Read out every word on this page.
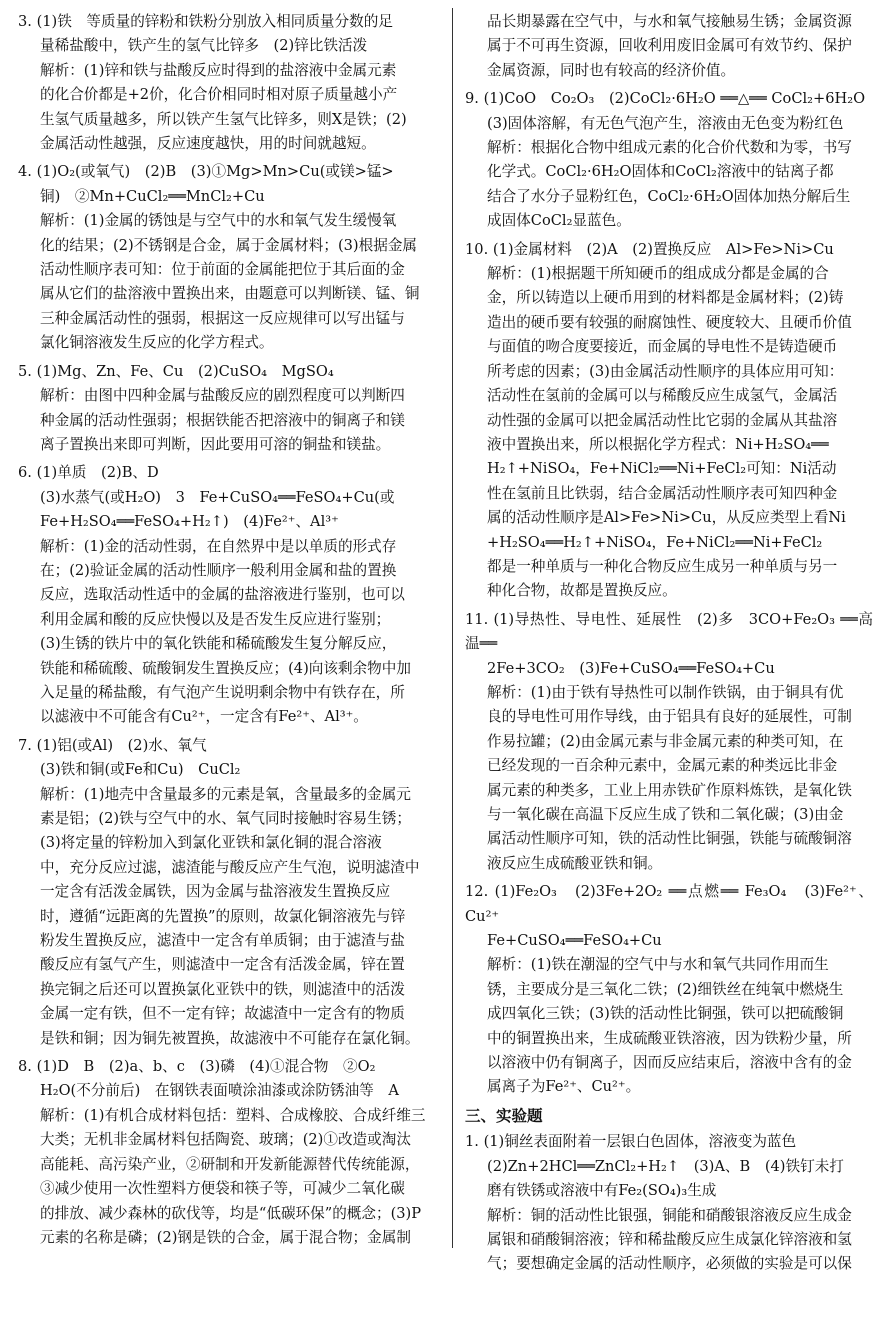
3. (1)铁　等质量的锌粉和铁粉分别放入相同质量分数的足
量稀盐酸中，铁产生的氢气比锌多　(2)锌比铁活泼
解析：(1)锌和铁与盐酸反应时得到的盐溶液中金属元素
的化合价都是+2价，化合价相同时相对原子质量越小产
生氢气质量越多，所以铁产生氢气比锌多，则X是铁；(2)
金属活动性越强，反应速度越快，用的时间就越短。
4. (1)O₂(或氧气)　(2)B　(3)①Mg>Mn>Cu(或镁>锰>
铜)　②Mn+CuCl₂══MnCl₂+Cu
解析：(1)金属的锈蚀是与空气中的水和氧气发生缓慢氧
化的结果；(2)不锈钢是合金，属于金属材料；(3)根据金属
活动性顺序表可知：位于前面的金属能把位于其后面的金
属从它们的盐溶液中置换出来，由题意可以判断镁、锰、铜
三种金属活动性的强弱，根据这一反应规律可以写出锰与
氯化铜溶液发生反应的化学方程式。
5. (1)Mg、Zn、Fe、Cu　(2)CuSO₄　MgSO₄
解析：由图中四种金属与盐酸反应的剧烈程度可以判断四
种金属的活动性强弱；根据铁能否把溶液中的铜离子和镁
离子置换出来即可判断，因此要用可溶的铜盐和镁盐。
6. (1)单质　(2)B、D
(3)水蒸气(或H₂O)　3　Fe+CuSO₄══FeSO₄+Cu(或
Fe+H₂SO₄══FeSO₄+H₂↑)　(4)Fe²⁺、Al³⁺
解析：(1)金的活动性弱，在自然界中是以单质的形式存
在；(2)验证金属的活动性顺序一般利用金属和盐的置换
反应，选取活动性适中的金属的盐溶液进行鉴别，也可以
利用金属和酸的反应快慢以及是否发生反应进行鉴别；
(3)生锈的铁片中的氧化铁能和稀硫酸发生复分解反应，
铁能和稀硫酸、硫酸铜发生置换反应；(4)向该剩余物中加
入足量的稀盐酸，有气泡产生说明剩余物中有铁存在，所
以滤液中不可能含有Cu²⁺，一定含有Fe²⁺、Al³⁺。
7. (1)铝(或Al)　(2)水、氧气
(3)铁和铜(或Fe和Cu)　CuCl₂
解析：(1)地壳中含量最多的元素是氧，含量最多的金属元
素是铝；(2)铁与空气中的水、氧气同时接触时容易生锈；
(3)将定量的锌粉加入到氯化亚铁和氯化铜的混合溶液
中，充分反应过滤，滤渣能与酸反应产生气泡，说明滤渣中
一定含有活泼金属铁，因为金属与盐溶液发生置换反应
时，遵循“远距离的先置换”的原则，故氯化铜溶液先与锌
粉发生置换反应，滤渣中一定含有单质铜；由于滤渣与盐
酸反应有氢气产生，则滤渣中一定含有活泼金属，锌在置
换完铜之后还可以置换氯化亚铁中的铁，则滤渣中的活泼
金属一定有铁，但不一定有锌；故滤渣中一定含有的物质
是铁和铜；因为铜先被置换，故滤液中不可能存在氯化铜。
8. (1)D　B　(2)a、b、c　(3)磷　(4)①混合物　②O₂
H₂O(不分前后)　在钢铁表面喷涂油漆或涂防锈油等　A
解析：(1)有机合成材料包括：塑料、合成橡胶、合成纤维三
大类；无机非金属材料包括陶瓷、玻璃；(2)①改造或淘汰
高能耗、高污染产业，②研制和开发新能源替代传统能源，
③减少使用一次性塑料方便袋和筷子等，可减少二氧化碳
的排放、减少森林的砍伐等，均是“低碳环保”的概念；(3)P
元素的名称是磷；(2)钢是铁的合金，属于混合物；金属制
品长期暴露在空气中，与水和氧气接触易生锈；金属资源
属于不可再生资源，回收利用废旧金属可有效节约、保护
金属资源，同时也有较高的经济价值。
9. (1)CoO　Co₂O₃　(2)CoCl₂·6H₂O ══△══ CoCl₂+6H₂O
(3)固体溶解，有无色气泡产生，溶液由无色变为粉红色
解析：根据化合物中组成元素的化合价代数和为零，书写
化学式。CoCl₂·6H₂O固体和CoCl₂溶液中的钴离子都
结合了水分子显粉红色，CoCl₂·6H₂O固体加热分解后生
成固体CoCl₂显蓝色。
10. (1)金属材料　(2)A　(2)置换反应　Al>Fe>Ni>Cu
解析：(1)根据题干所知硬币的组成成分都是金属的合
金，所以铸造以上硬币用到的材料都是金属材料；(2)铸
造出的硬币要有较强的耐腐蚀性、硬度较大、且硬币价值
与面值的吻合度要接近，而金属的导电性不是铸造硬币
所考虑的因素；(3)由金属活动性顺序的具体应用可知：
活动性在氢前的金属可以与稀酸反应生成氢气，金属活
动性强的金属可以把金属活动性比它弱的金属从其盐溶
液中置换出来，所以根据化学方程式：Ni+H₂SO₄══
H₂↑+NiSO₄，Fe+NiCl₂══Ni+FeCl₂可知：Ni活动
性在氢前且比铁弱，结合金属活动性顺序表可知四种金
属的活动性顺序是Al>Fe>Ni>Cu，从反应类型上看Ni
+H₂SO₄══H₂↑+NiSO₄，Fe+NiCl₂══Ni+FeCl₂
都是一种单质与一种化合物反应生成另一种单质与另一
种化合物，故都是置换反应。
11. (1)导热性、导电性、延展性　(2)多　3CO+Fe₂O₃ ══高温══
2Fe+3CO₂　(3)Fe+CuSO₄══FeSO₄+Cu
解析：(1)由于铁有导热性可以制作铁锅，由于铜具有优
良的导电性可用作导线，由于铝具有良好的延展性，可制
作易拉罐；(2)由金属元素与非金属元素的种类可知，在
已经发现的一百余种元素中，金属元素的种类远比非金
属元素的种类多，工业上用赤铁矿作原料炼铁，是氧化铁
与一氧化碳在高温下反应生成了铁和二氧化碳；(3)由金
属活动性顺序可知，铁的活动性比铜强，铁能与硫酸铜溶
液反应生成硫酸亚铁和铜。
12. (1)Fe₂O₃　(2)3Fe+2O₂ ══点燃══ Fe₃O₄　(3)Fe²⁺、Cu²⁺
Fe+CuSO₄══FeSO₄+Cu
解析：(1)铁在潮湿的空气中与水和氧气共同作用而生
锈，主要成分是三氧化二铁；(2)细铁丝在纯氧中燃烧生
成四氧化三铁；(3)铁的活动性比铜强，铁可以把硫酸铜
中的铜置换出来，生成硫酸亚铁溶液，因为铁粉少量，所
以溶液中仍有铜离子，因而反应结束后，溶液中含有的金
属离子为Fe²⁺、Cu²⁺。
三、实验题
1. (1)铜丝表面附着一层银白色固体，溶液变为蓝色
(2)Zn+2HCl══ZnCl₂+H₂↑　(3)A、B　(4)铁钉未打
磨有铁锈或溶液中有Fe₂(SO₄)₃生成
解析：铜的活动性比银强，铜能和硝酸银溶液反应生成金
属银和硝酸铜溶液；锌和稀盐酸反应生成氯化锌溶液和氢
气；要想确定金属的活动性顺序，必须做的实验是可以保
